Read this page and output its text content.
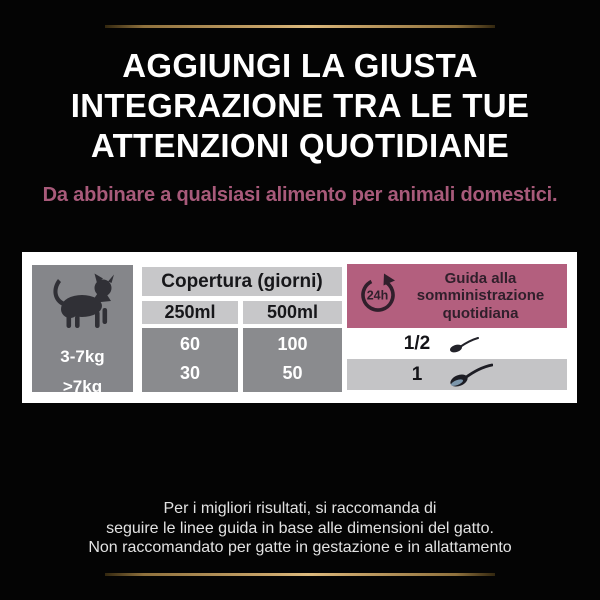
AGGIUNGI LA GIUSTA
INTEGRAZIONE TRA LE TUE
ATTENZIONI QUOTIDIANE
Da abbinare a qualsiasi alimento per animali domestici.
3-7kg
>7kg
Copertura (giorni)
250ml	500ml
60
30
100
50
24h
Guida alla
somministrazione
quotidiana
1/2
1
Per i migliori risultati, si raccomanda di
seguire le linee guida in base alle dimensioni del gatto.
Non raccomandato per gatte in gestazione e in allattamento
